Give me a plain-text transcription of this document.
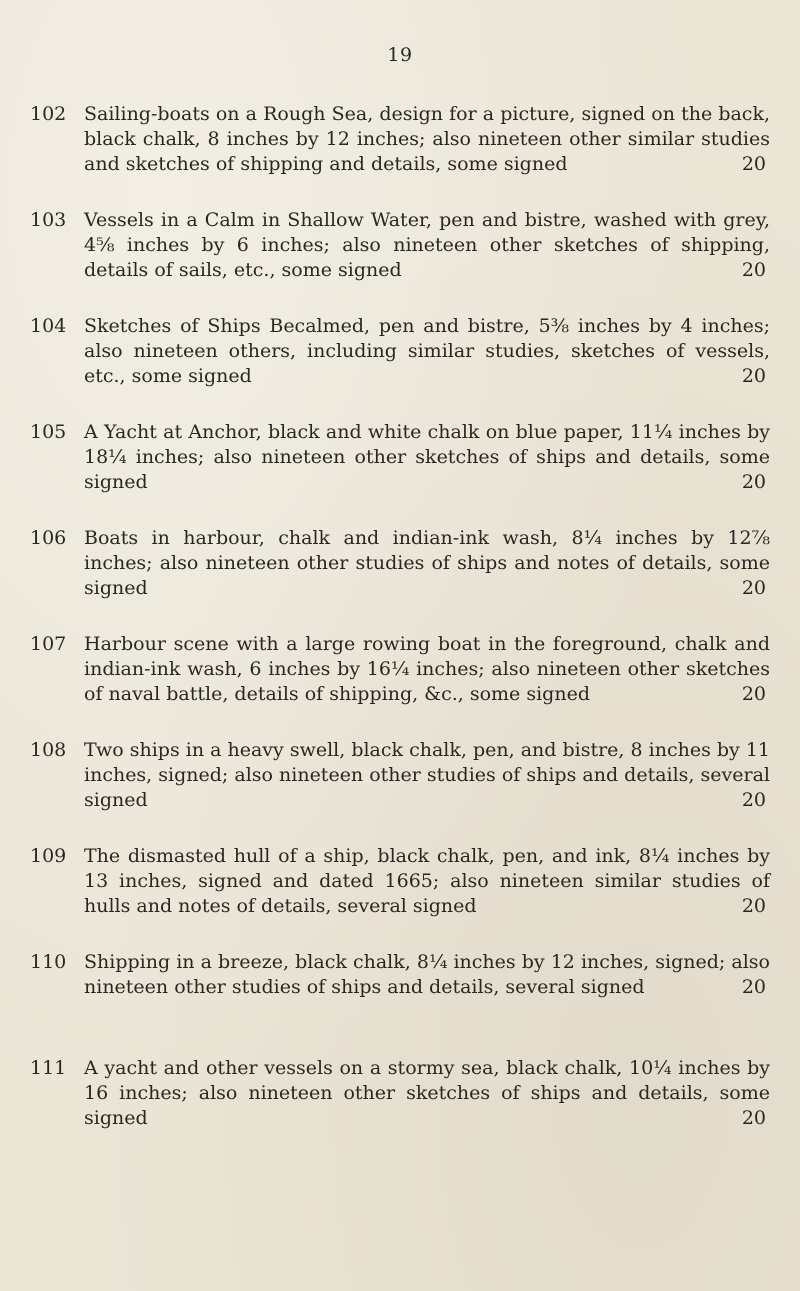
19
102 Sailing-boats on a Rough Sea, design for a picture, signed on the back, black chalk, 8 inches by 12 inches; also nineteen other similar studies and sketches of shipping and details, some signed	20
103 Vessels in a Calm in Shallow Water, pen and bistre, washed with grey, 4⅝ inches by 6 inches; also nineteen other sketches of shipping, details of sails, etc., some signed	20
104 Sketches of Ships Becalmed, pen and bistre, 5⅜ inches by 4 inches; also nineteen others, including similar studies, sketches of vessels, etc., some signed	20
105 A Yacht at Anchor, black and white chalk on blue paper, 11¼ inches by 18¼ inches; also nineteen other sketches of ships and details, some signed	20
106 Boats in harbour, chalk and indian-ink wash, 8¼ inches by 12⅞ inches; also nineteen other studies of ships and notes of details, some signed	20
107 Harbour scene with a large rowing boat in the foreground, chalk and indian-ink wash, 6 inches by 16¼ inches; also nineteen other sketches of naval battle, details of shipping, &c., some signed	20
108 Two ships in a heavy swell, black chalk, pen, and bistre, 8 inches by 11 inches, signed; also nineteen other studies of ships and details, several signed	20
109 The dismasted hull of a ship, black chalk, pen, and ink, 8¼ inches by 13 inches, signed and dated 1665; also nineteen similar studies of hulls and notes of details, several signed	20
110 Shipping in a breeze, black chalk, 8¼ inches by 12 inches, signed; also nineteen other studies of ships and details, several signed	20
111 A yacht and other vessels on a stormy sea, black chalk, 10¼ inches by 16 inches; also nineteen other sketches of ships and details, some signed	20
